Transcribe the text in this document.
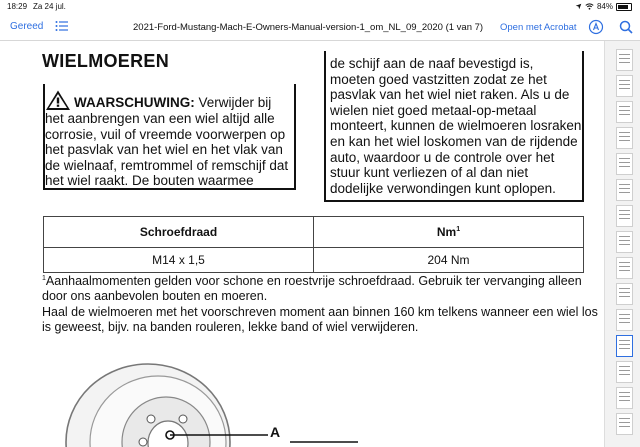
18:29 Za 24 jul.	84%
Gereed	2021-Ford-Mustang-Mach-E-Owners-Manual-version-1_om_NL_09_2020 (1 van 7) Open met Acrobat
WIELMOEREN
WAARSCHUWING: Verwijder bij het aanbrengen van een wiel altijd alle corrosie, vuil of vreemde voorwerpen op het pasvlak van het wiel en het vlak van de wielnaaf, remtrommel of remschijf dat het wiel raakt. De bouten waarmee
de schijf aan de naaf bevestigd is, moeten goed vastzitten zodat ze het pasvlak van het wiel niet raken. Als u de wielen niet goed metaal-op-metaal monteert, kunnen de wielmoeren losraken en kan het wiel loskomen van de rijdende auto, waardoor u de controle over het stuur kunt verliezen of al dan niet dodelijke verwondingen kunt oplopen.
Schroefdraad	Nm$^1$
M14 x 1,5	204 Nm
$^1$Aanhaalmomenten gelden voor schone en roestvrije schroefdraad. Gebruik ter vervanging alleen door ons aanbevolen bouten en moeren.
Haal de wielmoeren met het voorschreven moment aan binnen 160 km telkens wanneer een wiel los is geweest, bijv. na banden rouleren, lekke band of wiel verwijderen.
A
